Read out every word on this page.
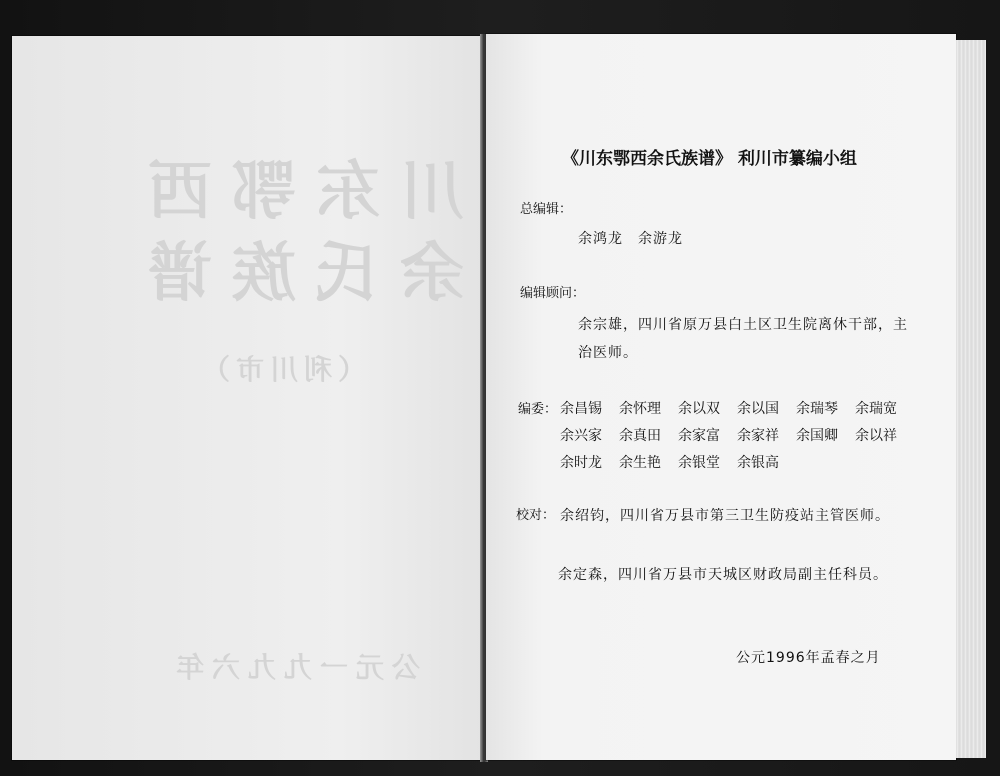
川东鄂西
余氏族谱
（利川市）
公元一九九六年
《川东鄂西余氏族谱》 利川市纂编小组
总编辑：
余鸿龙　余游龙
编辑顾问：
余宗雄，四川省原万县白土区卫生院离休干部，主
治医师。
编委： 余昌锡 余怀理 余以双 余以国 余瑞琴 余瑞宽
余兴家 余真田 余家富 余家祥 余国卿 余以祥
余时龙 余生艳 余银堂 余银高
校对： 余绍钧，四川省万县市第三卫生防疫站主管医师。
余定森，四川省万县市天城区财政局副主任科员。
公元1996年孟春之月
